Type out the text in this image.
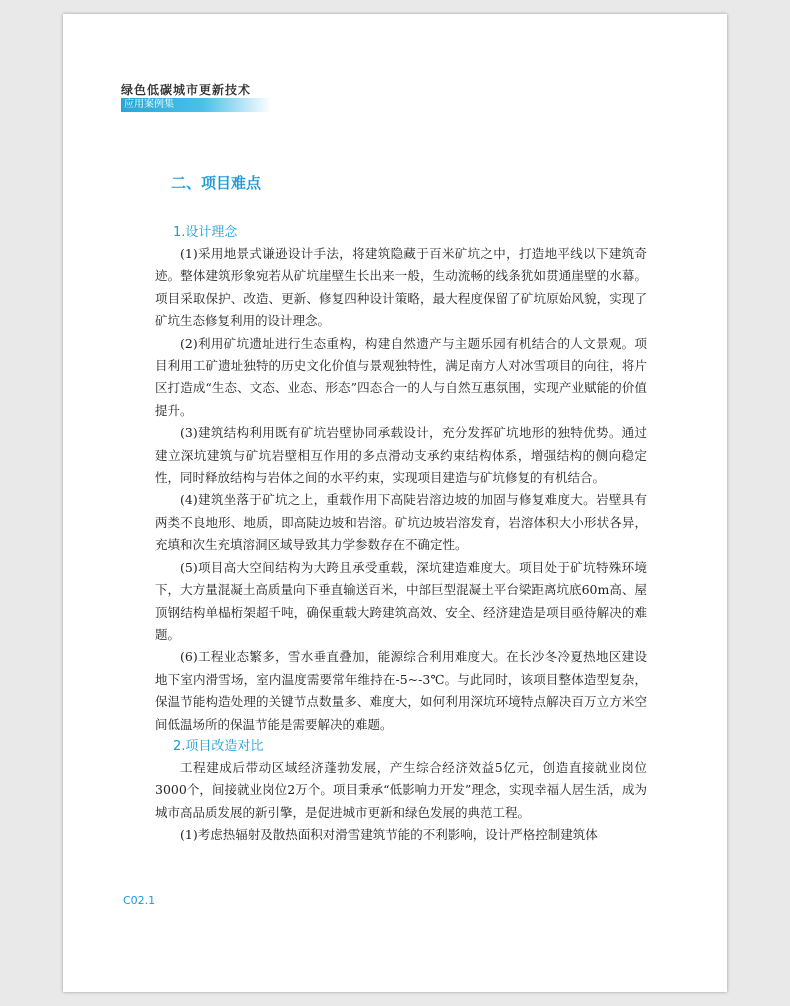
绿色低碳城市更新技术
应用案例集
二、项目难点
1.设计理念

(1)采用地景式谦逊设计手法，将建筑隐藏于百米矿坑之中，打造地平线以下建筑奇迹。整体建筑形象宛若从矿坑崖壁生长出来一般，生动流畅的线条犹如贯通崖壁的水幕。项目采取保护、改造、更新、修复四种设计策略，最大程度保留了矿坑原始风貌，实现了矿坑生态修复利用的设计理念。

(2)利用矿坑遗址进行生态重构，构建自然遗产与主题乐园有机结合的人文景观。项目利用工矿遗址独特的历史文化价值与景观独特性，满足南方人对冰雪项目的向往，将片区打造成“生态、文态、业态、形态”四态合一的人与自然互惠氛围，实现产业赋能的价值提升。

(3)建筑结构利用既有矿坑岩壁协同承载设计，充分发挥矿坑地形的独特优势。通过建立深坑建筑与矿坑岩壁相互作用的多点滑动支承约束结构体系，增强结构的侧向稳定性，同时释放结构与岩体之间的水平约束，实现项目建造与矿坑修复的有机结合。

(4)建筑坐落于矿坑之上，重载作用下高陡岩溶边坡的加固与修复难度大。岩壁具有两类不良地形、地质，即高陡边坡和岩溶。矿坑边坡岩溶发育，岩溶体积大小形状各异，充填和次生充填溶洞区域导致其力学参数存在不确定性。

(5)项目高大空间结构为大跨且承受重载，深坑建造难度大。项目处于矿坑特殊环境下，大方量混凝土高质量向下垂直输送百米，中部巨型混凝土平台梁距离坑底60m高、屋顶钢结构单榀桁架超千吨，确保重载大跨建筑高效、安全、经济建造是项目亟待解决的难题。

(6)工程业态繁多，雪水垂直叠加，能源综合利用难度大。在长沙冬冷夏热地区建设地下室内滑雪场，室内温度需要常年维持在-5~-3℃。与此同时，该项目整体造型复杂，保温节能构造处理的关键节点数量多、难度大，如何利用深坑环境特点解决百万立方米空间低温场所的保温节能是需要解决的难题。

2.项目改造对比

工程建成后带动区域经济蓬勃发展，产生综合经济效益5亿元，创造直接就业岗位3000个，间接就业岗位2万个。项目秉承“低影响力开发”理念，实现幸福人居生活，成为城市高品质发展的新引擎，是促进城市更新和绿色发展的典范工程。

(1)考虑热辐射及散热面积对滑雪建筑节能的不利影响，设计严格控制建筑体

C02.1
